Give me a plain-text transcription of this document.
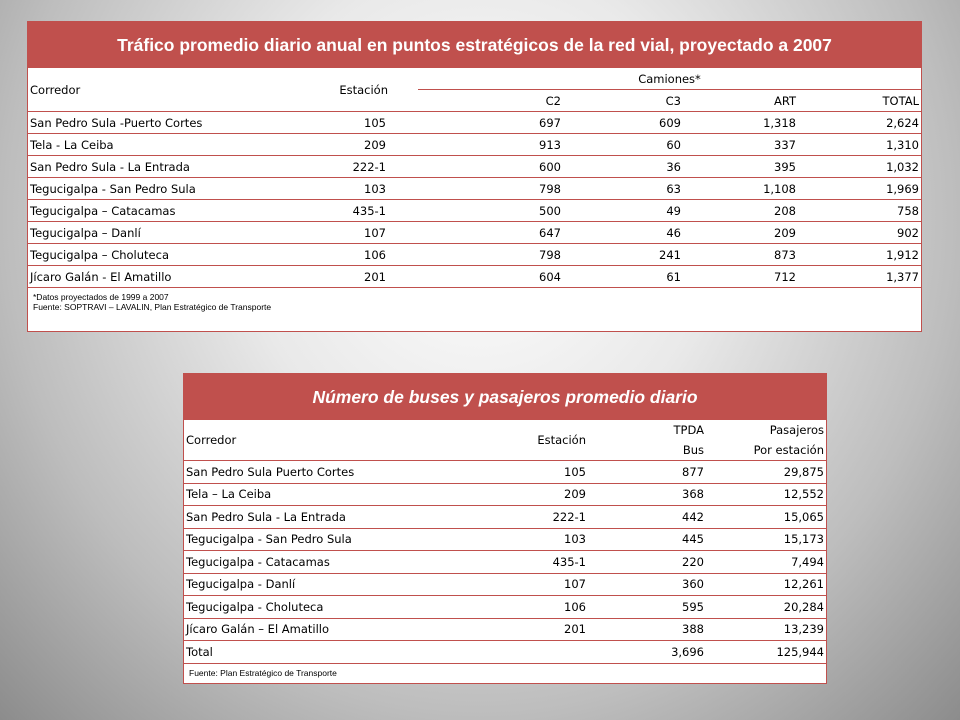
Tráfico promedio diario anual en puntos estratégicos de la red vial, proyectado a 2007
Corredor	Estación	Camiones*			
		C2	C3	ART	TOTAL
San Pedro Sula -Puerto Cortes	105	697	609	1,318	2,624
Tela - La Ceiba	209	913	60	337	1,310
San Pedro Sula - La Entrada	222-1	600	36	395	1,032
Tegucigalpa - San Pedro Sula	103	798	63	1,108	1,969
Tegucigalpa – Catacamas	435-1	500	49	208	758
Tegucigalpa – Danlí	107	647	46	209	902
Tegucigalpa – Choluteca	106	798	241	873	1,912
Jícaro Galán - El Amatillo	201	604	61	712	1,377
*Datos proyectados de 1999 a 2007
Fuente: SOPTRAVI – LAVALIN, Plan Estratégico de Transporte
Número de buses y pasajeros promedio diario
Corredor	Estación	TPDA	Pasajeros
		Bus	Por estación
San Pedro Sula Puerto Cortes	105	877	29,875
Tela – La Ceiba	209	368	12,552
San Pedro Sula - La Entrada	222-1	442	15,065
Tegucigalpa - San Pedro Sula	103	445	15,173
Tegucigalpa - Catacamas	435-1	220	7,494
Tegucigalpa - Danlí	107	360	12,261
Tegucigalpa - Choluteca	106	595	20,284
Jícaro Galán – El Amatillo	201	388	13,239
Total		3,696	125,944
Fuente: Plan Estratégico de Transporte
